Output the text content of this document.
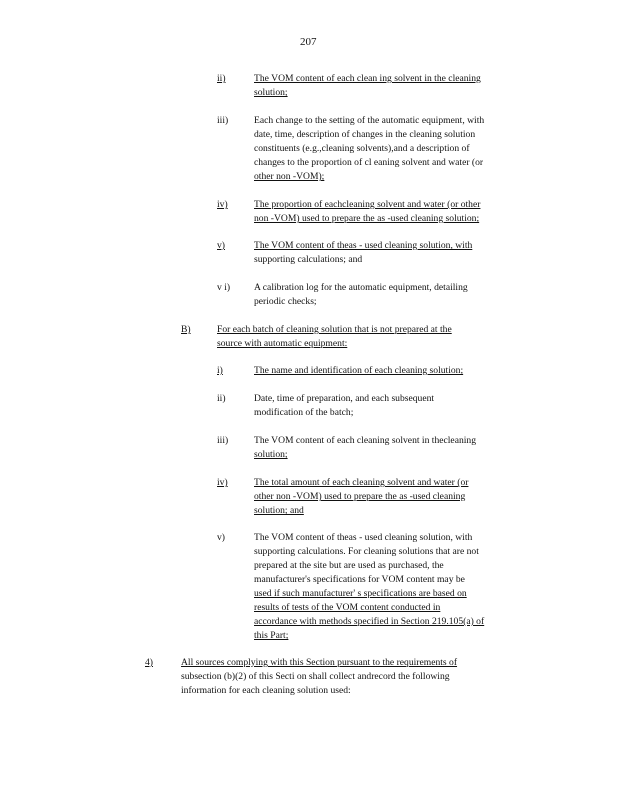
207
ii)	The VOM content of each clean ing solvent in the cleaning
solution;
iii)	Each change to the setting of the automatic equipment, with
date, time, description of changes in the cleaning solution
constituents (e.g.,cleaning solvents),and a description of
changes to the proportion of cl eaning solvent and water (or
other non -VOM);
iv)	The proportion of eachcleaning solvent and water (or other
non -VOM) used to prepare the as -used cleaning solution;
v)	The VOM content of theas - used cleaning solution, with
supporting calculations; and
v i) A calibration log for the automatic equipment, detailing
periodic checks;
B)	For each batch of cleaning solution that is not prepared at the
source with automatic equipment:
i)	The name and identification of each cleaning solution;
ii)	Date, time of preparation, and each subsequent
modification of the batch;
iii)	The VOM content of each cleaning solvent in thecleaning
solution;
iv)	The total amount of each cleaning solvent and water (or
other non -VOM) used to prepare the as -used cleaning
solution; and
v)	The VOM content of theas - used cleaning solution, with
supporting calculations. For cleaning solutions that are not
prepared at the site but are used as purchased, the
manufacturer's specifications for VOM content may be
used if such manufacturer' s specifications are based on
results of tests of the VOM content conducted in
accordance with methods specified in Section 219.105(a) of
this Part;
4)	All sources complying with this Section pursuant to the requirements of
subsection (b)(2) of this Secti on shall collect andrecord the following
information for each cleaning solution used:
